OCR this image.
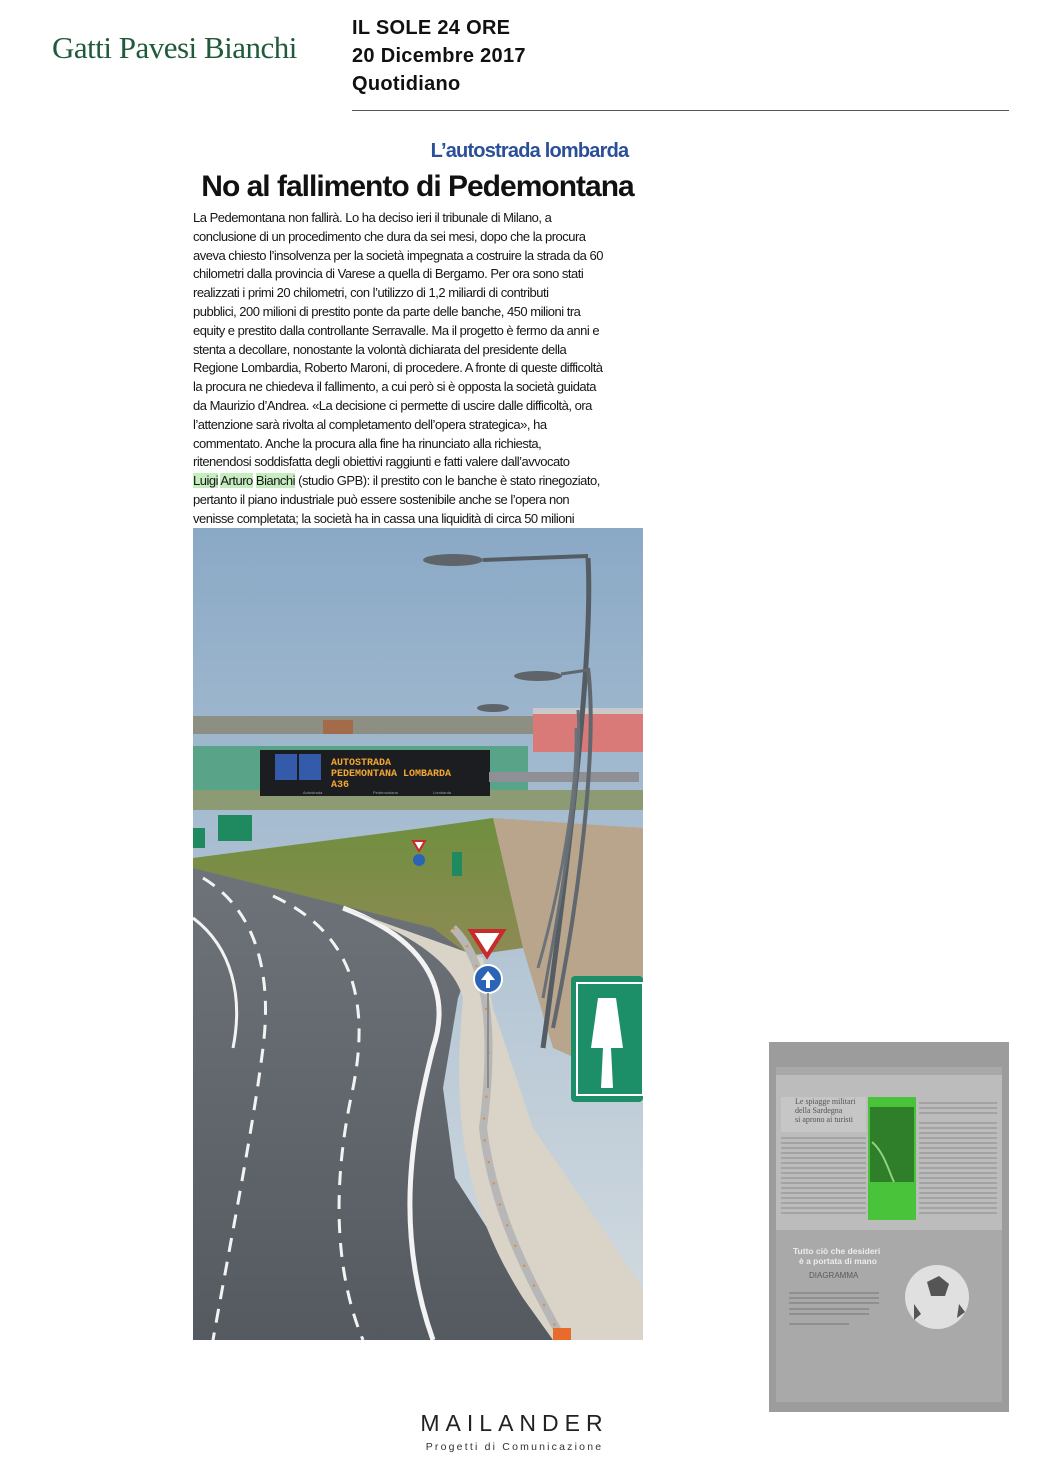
Gatti Pavesi Bianchi
IL SOLE 24 ORE
20 Dicembre 2017
Quotidiano
L’autostrada lombarda
No al fallimento di Pedemontana
La Pedemontana non fallirà. Lo ha deciso ieri il tribunale di Milano, a
conclusione di un procedimento che dura da sei mesi, dopo che la procura
aveva chiesto l’insolvenza per la società impegnata a costruire la strada da 60
chilometri dalla provincia di Varese a quella di Bergamo. Per ora sono stati
realizzati i primi 20 chilometri, con l’utilizzo di 1,2 miliardi di contributi
pubblici, 200 milioni di prestito ponte da parte delle banche, 450 milioni tra
equity e prestito dalla controllante Serravalle. Ma il progetto è fermo da anni e
stenta a decollare, nonostante la volontà dichiarata del presidente della
Regione Lombardia, Roberto Maroni, di procedere. A fronte di queste difficoltà
la procura ne chiedeva il fallimento, a cui però si è opposta la società guidata
da Maurizio d’Andrea. «La decisione ci permette di uscire dalle difficoltà, ora
l’attenzione sarà rivolta al completamento dell’opera strategica», ha
commentato. Anche la procura alla fine ha rinunciato alla richiesta,
ritenendosi soddisfatta degli obiettivi raggiunti e fatti valere dall’avvocato
Luigi Arturo Bianchi (studio GPB): il prestito con le banche è stato rinegoziato,
pertanto il piano industriale può essere sostenibile anche se l’opera non
venisse completata; la società ha in cassa una liquidità di circa 50 milioni
AUTOSTRADA
PEDEMONTANA LOMBARDA
A36
Autostrada	Pedemontana	Lombarda
Le spiagge militari
della Sardegna
si aprono ai turisti
Tutto ciò che desideri
è a portata di mano
DIAGRAMMA
MAILANDER
Progetti di Comunicazione
